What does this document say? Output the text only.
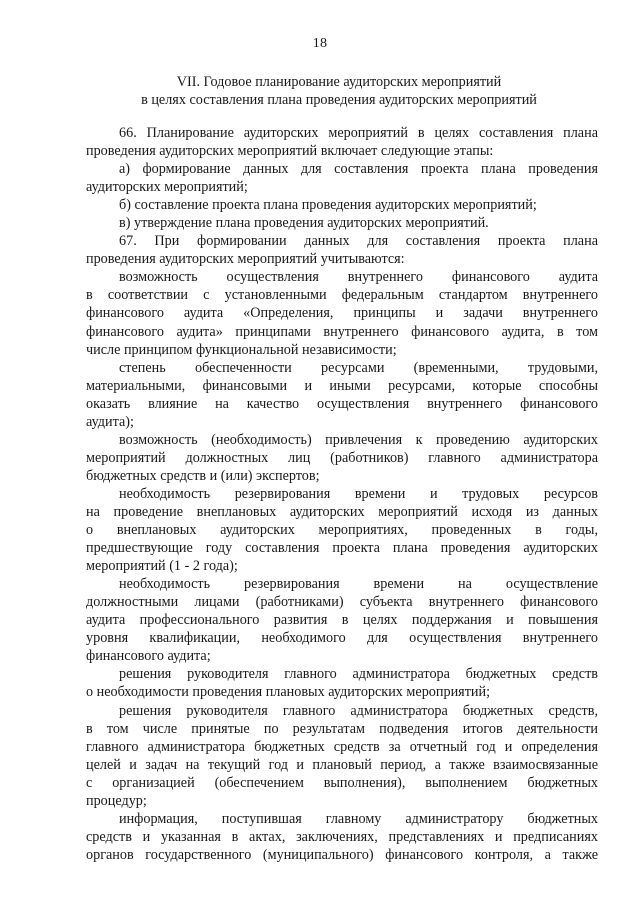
18
VII. Годовое планирование аудиторских мероприятий
в целях составления плана проведения аудиторских мероприятий
66. Планирование аудиторских мероприятий в целях составления плана
проведения аудиторских мероприятий включает следующие этапы:
а) формирование данных для составления проекта плана проведения
аудиторских мероприятий;
б) составление проекта плана проведения аудиторских мероприятий;
в) утверждение плана проведения аудиторских мероприятий.
67. При формировании данных для составления проекта плана
проведения аудиторских мероприятий учитываются:
возможность осуществления внутреннего финансового аудита
в соответствии с установленными федеральным стандартом внутреннего
финансового аудита «Определения, принципы и задачи внутреннего
финансового аудита» принципами внутреннего финансового аудита, в том
числе принципом функциональной независимости;
степень обеспеченности ресурсами (временными, трудовыми,
материальными, финансовыми и иными ресурсами, которые способны
оказать влияние на качество осуществления внутреннего финансового
аудита);
возможность (необходимость) привлечения к проведению аудиторских
мероприятий должностных лиц (работников) главного администратора
бюджетных средств и (или) экспертов;
необходимость резервирования времени и трудовых ресурсов
на проведение внеплановых аудиторских мероприятий исходя из данных
о внеплановых аудиторских мероприятиях, проведенных в годы,
предшествующие году составления проекта плана проведения аудиторских
мероприятий (1 - 2 года);
необходимость резервирования времени на осуществление
должностными лицами (работниками) субъекта внутреннего финансового
аудита профессионального развития в целях поддержания и повышения
уровня квалификации, необходимого для осуществления внутреннего
финансового аудита;
решения руководителя главного администратора бюджетных средств
о необходимости проведения плановых аудиторских мероприятий;
решения руководителя главного администратора бюджетных средств,
в том числе принятые по результатам подведения итогов деятельности
главного администратора бюджетных средств за отчетный год и определения
целей и задач на текущий год и плановый период, а также взаимосвязанные
с организацией (обеспечением выполнения), выполнением бюджетных
процедур;
информация, поступившая главному администратору бюджетных
средств и указанная в актах, заключениях, представлениях и предписаниях
органов государственного (муниципального) финансового контроля, а также
